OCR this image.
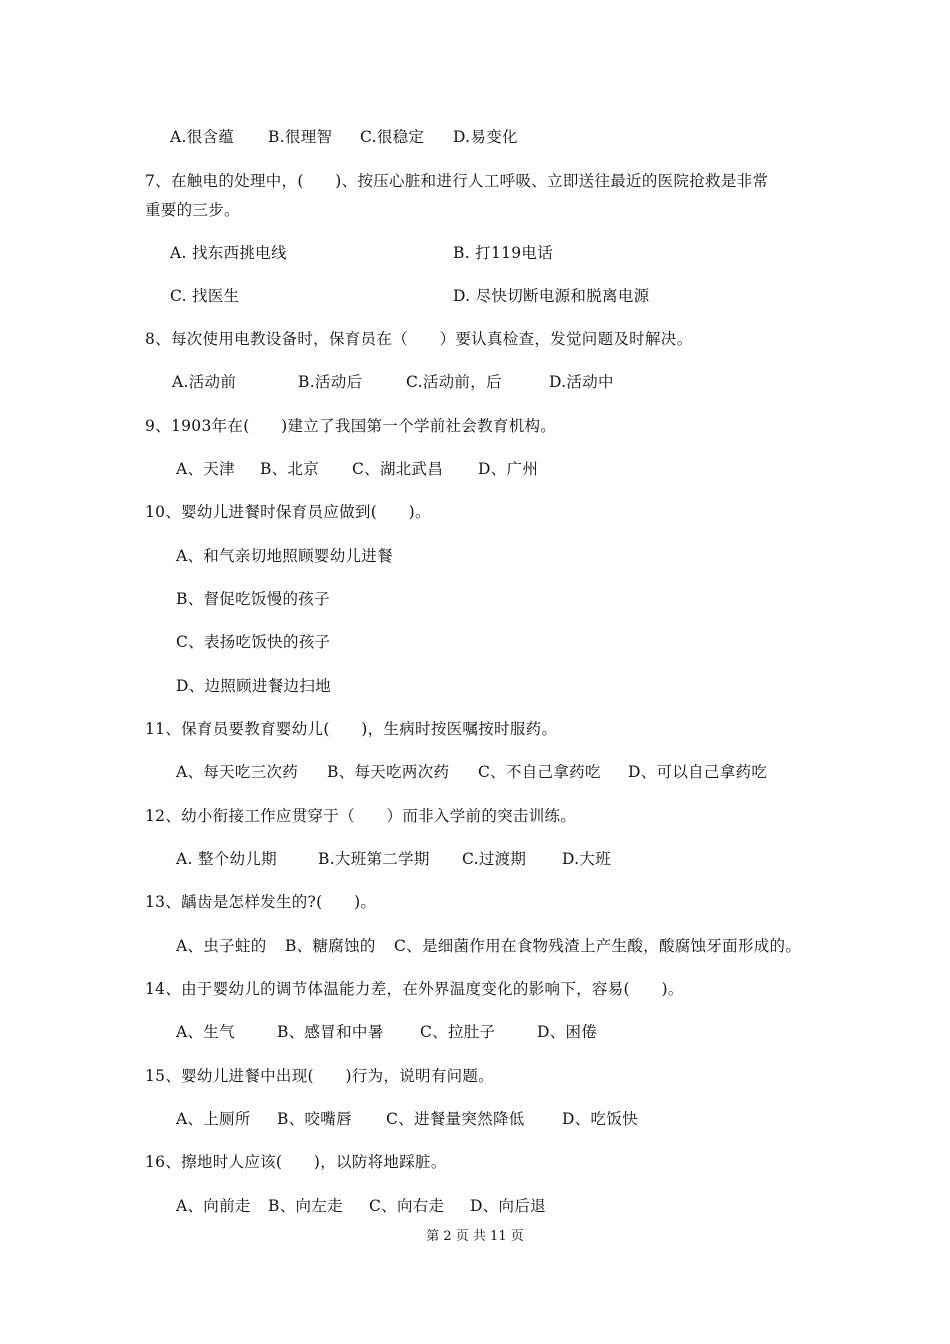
A.很含蕴 B.很理智 C.很稳定 D.易变化
7、在触电的处理中，(　　)、按压心脏和进行人工呼吸、立即送往最近的医院抢救是非常
重要的三步。
A. 找东西挑电线	B. 打119电话
C. 找医生	D. 尽快切断电源和脱离电源
8、每次使用电教设备时，保育员在（　　）要认真检查，发觉问题及时解决。
A.活动前	B.活动后	C.活动前，后	D.活动中
9、1903年在(　　)建立了我国第一个学前社会教育机构。
A、天津 B、北京 C、湖北武昌 D、广州
10、婴幼儿进餐时保育员应做到(　　)。
A、和气亲切地照顾婴幼儿进餐
B、督促吃饭慢的孩子
C、表扬吃饭快的孩子
D、边照顾进餐边扫地
11、保育员要教育婴幼儿(　　)，生病时按医嘱按时服药。
A、每天吃三次药 B、每天吃两次药 C、不自己拿药吃 D、可以自己拿药吃
12、幼小衔接工作应贯穿于（　　）而非入学前的突击训练。
A. 整个幼儿期	B.大班第二学期 C.过渡期 D.大班
13、龋齿是怎样发生的?(　　)。
A、虫子蛀的 B、糖腐蚀的 C、是细菌作用在食物残渣上产生酸，酸腐蚀牙面形成的。
14、由于婴幼儿的调节体温能力差，在外界温度变化的影响下，容易(　　)。
A、生气	B、感冒和中暑 C、拉肚子	D、困倦
15、婴幼儿进餐中出现(　　)行为，说明有问题。
A、上厕所 B、咬嘴唇 C、进餐量突然降低 D、吃饭快
16、擦地时人应该(　　)，以防将地踩脏。
A、向前走 B、向左走 C、向右走 D、向后退
第 2 页 共 11 页
